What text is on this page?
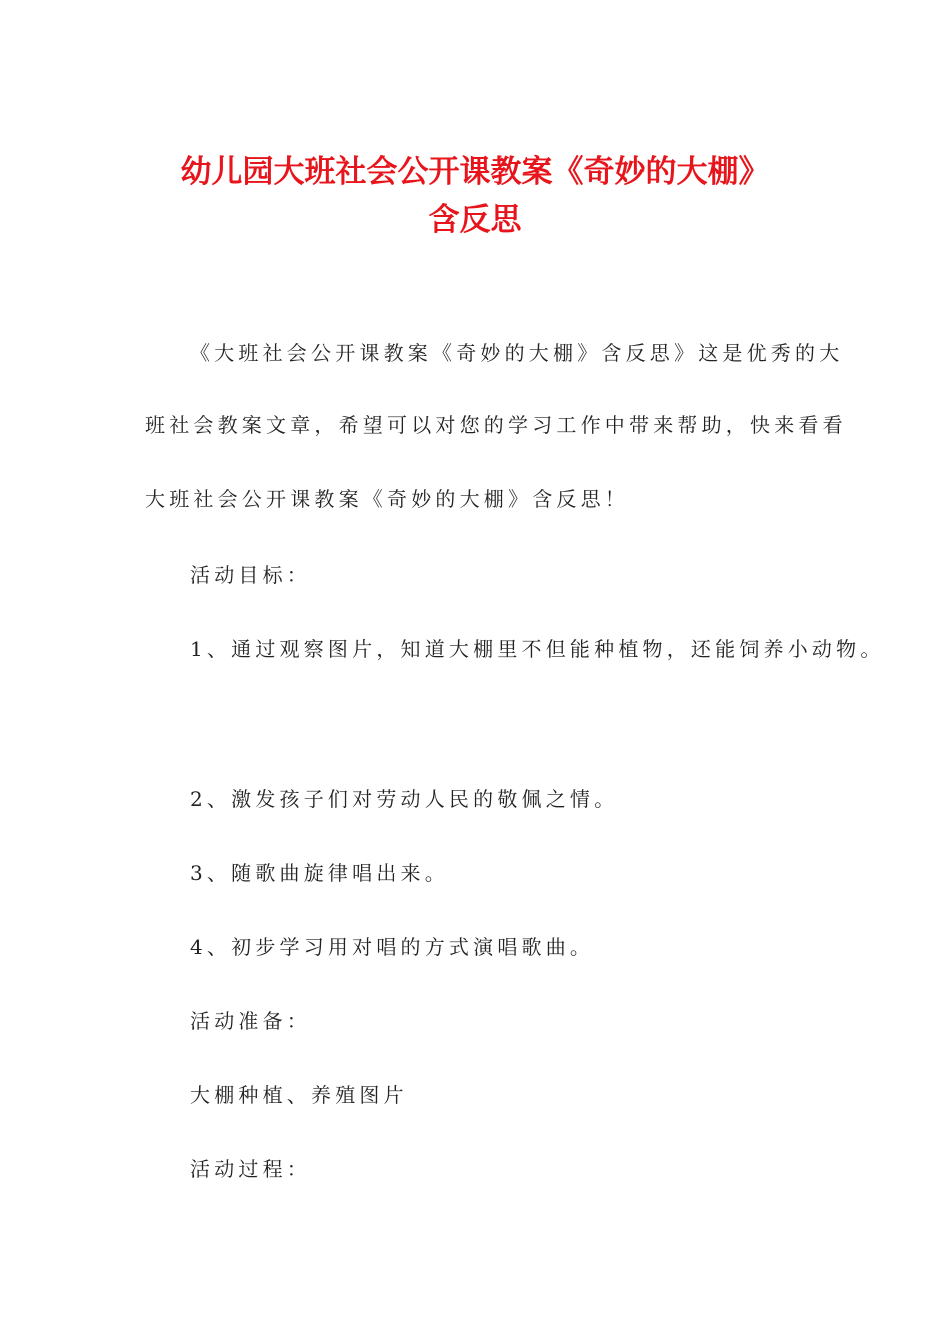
幼儿园大班社会公开课教案《奇妙的大棚》
含反思
《大班社会公开课教案《奇妙的大棚》含反思》这是优秀的大
班社会教案文章，希望可以对您的学习工作中带来帮助，快来看看
大班社会公开课教案《奇妙的大棚》含反思！
活动目标：
1、通过观察图片，知道大棚里不但能种植物，还能饲养小动物。
2、激发孩子们对劳动人民的敬佩之情。
3、随歌曲旋律唱出来。
4、初步学习用对唱的方式演唱歌曲。
活动准备：
大棚种植、养殖图片
活动过程：
